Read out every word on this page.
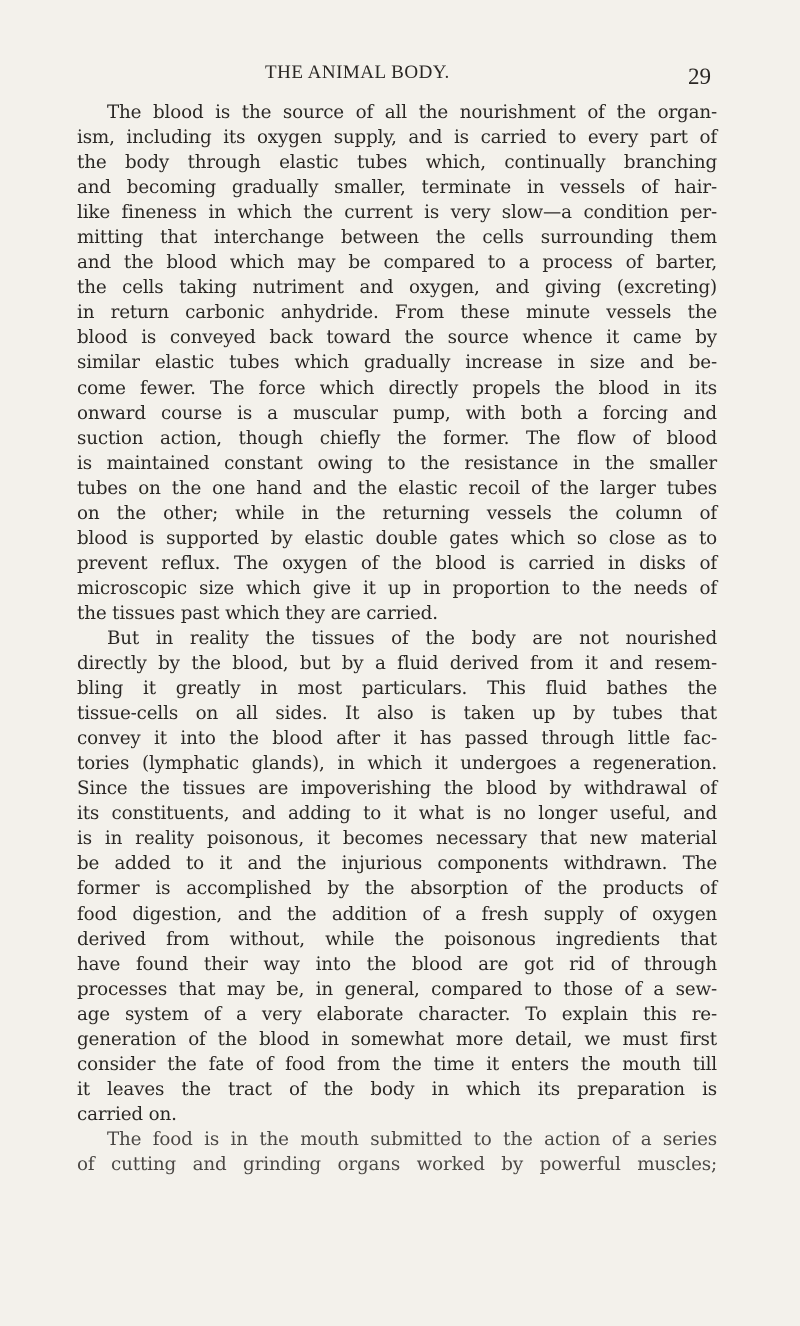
THE ANIMAL BODY.	29
The blood is the source of all the nourishment of the organ-
ism, including its oxygen supply, and is carried to every part of
the body through elastic tubes which, continually branching
and becoming gradually smaller, terminate in vessels of hair-
like fineness in which the current is very slow—a condition per-
mitting that interchange between the cells surrounding them
and the blood which may be compared to a process of barter,
the cells taking nutriment and oxygen, and giving (excreting)
in return carbonic anhydride. From these minute vessels the
blood is conveyed back toward the source whence it came by
similar elastic tubes which gradually increase in size and be-
come fewer. The force which directly propels the blood in its
onward course is a muscular pump, with both a forcing and
suction action, though chiefly the former. The flow of blood
is maintained constant owing to the resistance in the smaller
tubes on the one hand and the elastic recoil of the larger tubes
on the other; while in the returning vessels the column of
blood is supported by elastic double gates which so close as to
prevent reflux. The oxygen of the blood is carried in disks of
microscopic size which give it up in proportion to the needs of
the tissues past which they are carried.
But in reality the tissues of the body are not nourished
directly by the blood, but by a fluid derived from it and resem-
bling it greatly in most particulars. This fluid bathes the
tissue-cells on all sides. It also is taken up by tubes that
convey it into the blood after it has passed through little fac-
tories (lymphatic glands), in which it undergoes a regeneration.
Since the tissues are impoverishing the blood by withdrawal of
its constituents, and adding to it what is no longer useful, and
is in reality poisonous, it becomes necessary that new material
be added to it and the injurious components withdrawn. The
former is accomplished by the absorption of the products of
food digestion, and the addition of a fresh supply of oxygen
derived from without, while the poisonous ingredients that
have found their way into the blood are got rid of through
processes that may be, in general, compared to those of a sew-
age system of a very elaborate character. To explain this re-
generation of the blood in somewhat more detail, we must first
consider the fate of food from the time it enters the mouth till
it leaves the tract of the body in which its preparation is
carried on.
The food is in the mouth submitted to the action of a series
of cutting and grinding organs worked by powerful muscles;
